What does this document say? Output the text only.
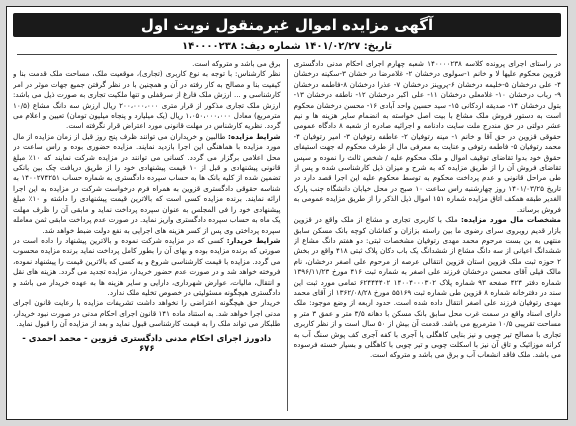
آگهی مزایده اموال غیرمنقول نوبت اول
تاریخ: ۱۴۰۱/۰۲/۲۷ شماره دیف: ۱۴۰۰۰۰۲۳۸

در راستای اجرای پرونده کلاسه ۱۴۰۰۰۰۲۳۸ شعبه چهارم اجرای احکام مدنی دادگستری قزوین محکوم علیها لا و خانم ۱-سولوی درخشان ۲- غلامرضا در خشان ۳-سکینه درخشان ۴- علی درخشان ۵-خلیمه درخشان ۶-پروینز درخشان ۷- عذرا درخشان ۸-فاطمه درخشان ۹- رباب درخشان ۱۰- غلامعلی درخشان ۱۱- علی اکبر درخشان ۱۲- ناطقه درخشان ۱۳- بتول درخشان ۱۴- صدیقه اردکانی ۱۵- سید حسین واحد آبادی ۱۶- محسن درخشان محکوم است به دستور فروش ملک مشاع با بیت اصل خواسته به انضمام سایر هزینه ها و نیم عشر دولتی در حق مندرج ملت سایت دادنامه و اجرائیه صادره از شعبه ۸ دادگاه عمومی حقوقی قزوین در حق آقا و خانم ۱- مینه رتوفیان ۲- عاطفه رتوفیان ۳- امیر رتوفیان ۴- محمد رتوفیان ۵- فاطمه رتوفی و عنایت به معرفی مال از طرف محکوم له جهت استیفای حقوق خود بدوا تقاضای توقیف اموال و ملک محکوم علیه / شخص ثالث را نموده و سپس تقاضای فروش آن را از طریق مزایده که به شرح و میزان ذیل کارشناسی شده و پس از طی مراحل قانونی و عدم پرداخت محکوم به توسط محکوم علیه این اجرا قصد دارد در تاریخ ۱۴۰۱/۰۳/۲۵ روز چهارشنبه راس ساعت ۱۰ صبح در محل خیابان دانشگاه جنب پارک الغدیر طبقه همکف اتاق مزایده شماره ۱۵۱ اموال ذیل الذکر را از طریق مزایده عمومی به فروش برساند.

مشخصات مال مورد مزایده: ملک با کاربری تجاری و مشاع از ملک واقع در قزوین بازار قدیم روبروی سرای رضوی ما بین راسته بزازان و کفاشان کوچه بانک مسکن سابق منتهی به بن بست مرحوم محمد مهدی رتوفیان مشخصات ثبتی: دو هفتم دانگ مشاع از ششدانگ اعیانی از سه دانگ مشاع از ششدانگ یک باب دکان پلاک ثبتی ۴۱۸ واقع در بخش ۲ حوزه ثبت ملک قزوین استان قزوین انتقالی عرصه از مرحوم علی اصغر درخشان، نام مالک فیلی آقای محسن درخشان فرزند علی اصغر به شماره ثبت ۴۱۶ مورخ ۱۳۹۶/۱۱/۲۳ شماره دفتر ۴۲۴ صفحه ۹۳ شماره پلاک ۱۴۰۰۴۰۰۰۳۰۲ ۶۲۴۴۴۴۰۲ تمامی مورد ثبت این سند در دفترخانه شماره ۸ قزوین طی شماره ثبت ۵۵۱۶۹ مورخ ۱۳۶۲/۰۸/۲۸ از آقای محمد مهدی رتوفیان فرزند علی اصغر انتقال داده شده است. حدود اربعه از وضع موجود: ملک دارای اسناد واقع در سمت غرب محل سابق بانک مسکن با دهانه ۳/۵ متر و عمق ۳ متر و مساحت تقریبی ۱۰/۵ مترمربع می باشد. قدمت آن بیش از ۵۰ سال است و از نظر کاربری تجاری با مصالح تیر چوبی و نیز بنایی کاهگلی یا آجری با کفه آجری کف پوش سنگ آب به کرانه موزائیک و تاق آن نیز با اسکلت چوبی و تیر چوبی با کاهگلی و بسیار خسته فرسوده می باشد. ملک فاقد انشعاب آب و برق می باشد و متروکه است.

برق می باشد و متروکه است.

نظر کارشناس: با توجه به نوع کاربری (تجاری)، موقعیت ملک، مساحت ملک قدمت بنا و کیفیت بنا و مصالح به کار رفته در آن و همچنین با در نظر گرفتن جمیع جهات موثر در امر کارشناسی و ... ارزش ملک فارغ از سرقفلی و تنها ملکیت تجاری به صورت ذیل می باشد: ارزش ملک تجاری مذکور از قرار متری ۲۰۰،۰۰۰،۰۰۰ ریال ارزش سه دانگ مشاع (۱۰/۵ مترمربع) معادل ۱،۰۵۰،۰۰۰،۰۰۰ ریال (یک میلیارد و پنجاه میلیون تومان) تعیین و اعلام می گردد. نظریه کارشناس در مهلت قانونی مورد اعتراض قرار نگرفته است.

شرایط مزایده: طالبین و خریداران می توانند ظرف پنج روز قبل از زمان مزایده از مال مورد مزایده با هماهنگی این اجرا بازدید نمایند. مزایده حضوری بوده و راس ساعت در محل اعلامی برگزار می گردد. کسانی می توانند در مزایده شرکت نمایند که ۱۰٪ مبلغ قانونی پیشنهادی و قبل از ۱۰ قیمت پیشنهادی خود را از طریق دریافت چک بین بانکی تضمین شده از کلیه بانک ها به حساب سپرده دادگستری به شماره حساب ۱۴۰۰۲۷۴۲۵۱ به شناسه حقوقی دادگستری قزوین به همراه فرم درخواست شرکت در مزایده به این اجرا ارائه نمایند. برنده مزایده کسی است که بالاترین قیمت پیشنهادی را داشته و ۱۰٪ مبلغ پیشنهادی خود را فی المجلس به عنوان سپرده پرداخت نماید و مابقی آن را ظرف مهلت یک ماه به حساب سپرده دادگستری واریز نماید. در صورت عدم پرداخت مابقی ثمن معامله سپرده پرداختی وی پس از کسر هزینه های اجرایی به نفع دولت ضبط خواهد شد.

شرایط خریدار: کسی که در مزایده شرکت نموده و بالاترین پیشنهاد را داده است در صورتی که برنده مزایده بوده و بهای آن را بطور کامل پرداخت نماید برنده مزایده محسوب می گردد. مزایده با قیمت کارشناسی شروع و به کسی که بالاترین قیمت را پیشنهاد نموده، فروخته خواهد شد و در صورت عدم حضور خریدار، مزایده تجدید می گردد. هزینه های نقل و انتقال، مالیات، عوارض شهرداری، دارایی و سایر هزینه ها به عهده خریدار می باشد و دادگستری هیچگونه مسئولیتی در خصوص تخلیه ملک ندارد.

خریدار حق هیچگونه اعتراضی را نخواهد داشت تشریفات مزایده با رعایت قانون اجرای مدنی اجرا خواهد شد. به استناد ماده ۱۴۱ قانون اجرای احکام مدنی در صورت نبود خریدار، طلبکار می تواند ملک را به قیمت کارشناسی قبول نماید و بعد از مزایده آن را قبول نماید.

دادورز اجرای احکام مدنی دادگستری قزوین - محمد احمدی - ۶۷۶
